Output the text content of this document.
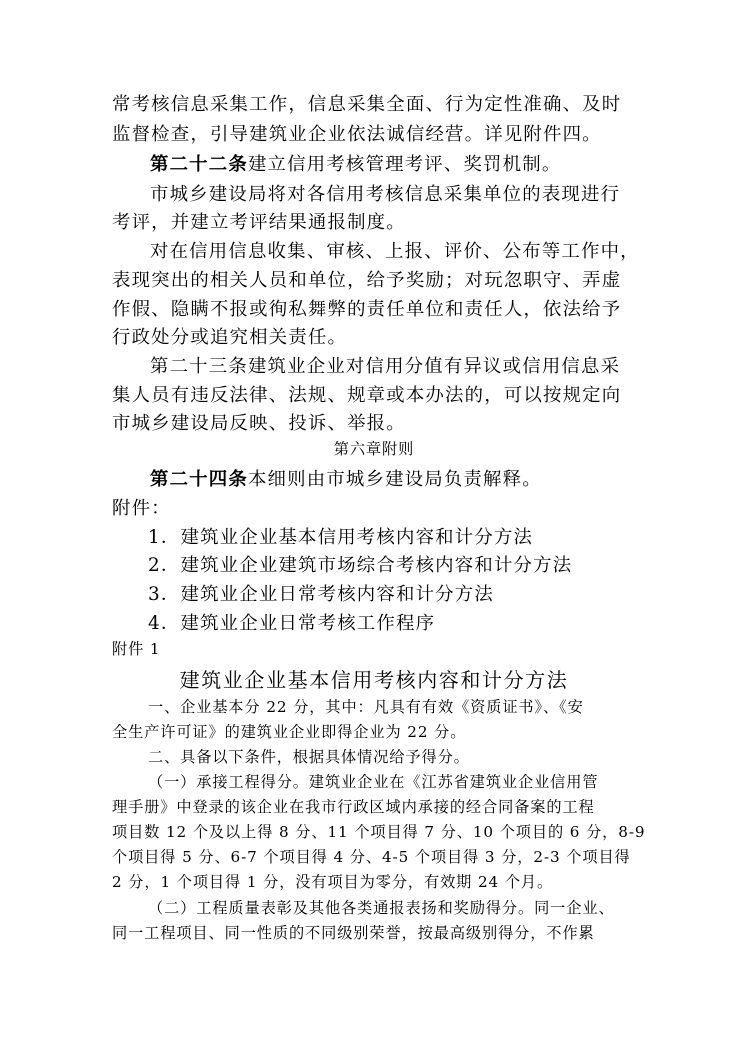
常考核信息采集工作，信息采集全面、行为定性准确、及时

监督检查，引导建筑业企业依法诚信经营。详见附件四。

第二十二条建立信用考核管理考评、奖罚机制。

市城乡建设局将对各信用考核信息采集单位的表现进行

考评，并建立考评结果通报制度。

对在信用信息收集、审核、上报、评价、公布等工作中，

表现突出的相关人员和单位，给予奖励；对玩忽职守、弄虚

作假、隐瞒不报或徇私舞弊的责任单位和责任人，依法给予

行政处分或追究相关责任。

第二十三条建筑业企业对信用分值有异议或信用信息采

集人员有违反法律、法规、规章或本办法的，可以按规定向

市城乡建设局反映、投诉、举报。

第六章附则

第二十四条本细则由市城乡建设局负责解释。

附件：

1．建筑业企业基本信用考核内容和计分方法

2．建筑业企业建筑市场综合考核内容和计分方法

3．建筑业企业日常考核内容和计分方法

4．建筑业企业日常考核工作程序

附件 1

建筑业企业基本信用考核内容和计分方法

一、企业基本分 22 分，其中：凡具有有效《资质证书》、《安

全生产许可证》的建筑业企业即得企业为 22 分。

二、具备以下条件，根据具体情况给予得分。

（一）承接工程得分。建筑业企业在《江苏省建筑业企业信用管

理手册》中登录的该企业在我市行政区域内承接的经合同备案的工程

项目数 12 个及以上得 8 分、11 个项目得 7 分、10 个项目的 6 分，8-9

个项目得 5 分、6-7 个项目得 4 分、4-5 个项目得 3 分，2-3 个项目得

2 分，1 个项目得 1 分，没有项目为零分，有效期 24 个月。

（二）工程质量表彰及其他各类通报表扬和奖励得分。同一企业、

同一工程项目、同一性质的不同级别荣誉，按最高级别得分，不作累
